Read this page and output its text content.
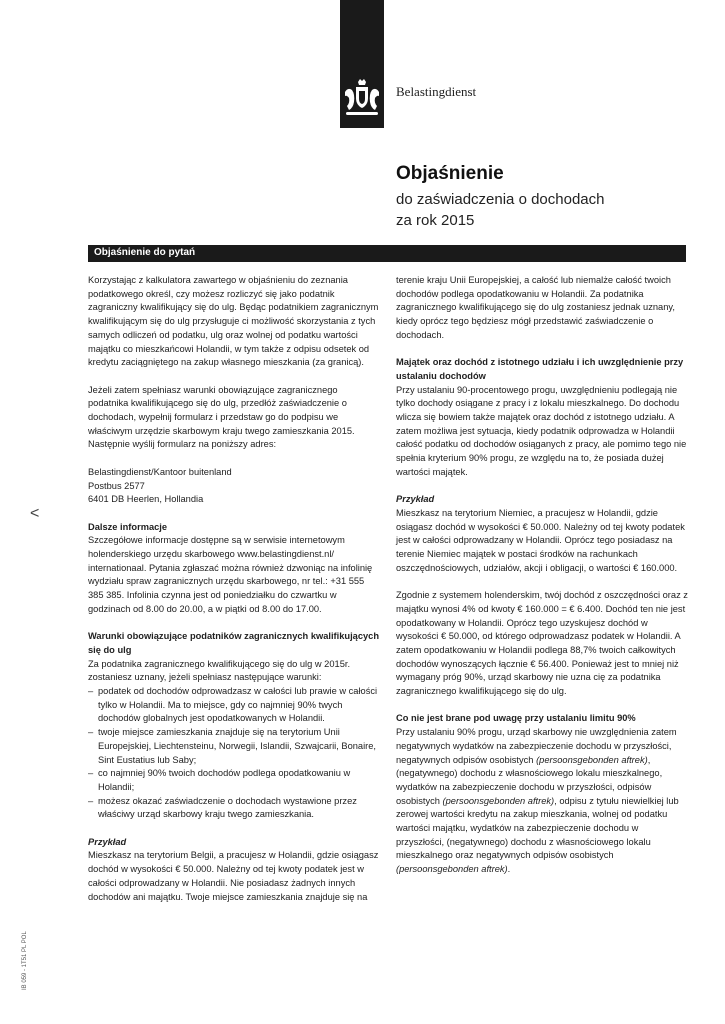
Belastingdienst
Objaśnienie
do zaświadczenia o dochodach
za rok 2015
Objaśnienie do pytań

Korzystając z kalkulatora zawartego w objaśnieniu do zeznania podatkowego określ, czy możesz rozliczyć się jako podatnik zagraniczny kwalifikujący się do ulg. Będąc podatnikiem zagranicznym kwalifikującym się do ulg przysługuje ci możliwość skorzystania z tych samych odliczeń od podatku, ulg oraz wolnej od podatku wartości majątku co mieszkańcowi Holandii, w tym także z odpisu odsetek od kredytu zaciągniętego na zakup własnego mieszkania (za granicą).

Jeżeli zatem spełniasz warunki obowiązujące zagranicznego podatnika kwalifikującego się do ulg, przedłóż zaświadczenie o dochodach, wypełnij formularz i przedstaw go do podpisu we właściwym urzędzie skarbowym kraju twego zamieszkania 2015. Następnie wyślij formularz na poniższy adres:

Belastingdienst/Kantoor buitenland
Postbus 2577
6401 DB Heerlen, Hollandia

Dalsze informacje

Szczegółowe informacje dostępne są w serwisie internetowym holenderskiego urzędu skarbowego www.belastingdienst.nl/ internationaal. Pytania zgłaszać można również dzwoniąc na infolinię wydziału spraw zagranicznych urzędu skarbowego, nr tel.: +31 555 385 385. Infolinia czynna jest od poniedziałku do czwartku w godzinach od 8.00 do 20.00, a w piątki od 8.00 do 17.00.

Warunki obowiązujące podatników zagranicznych kwalifikujących się do ulg

Za podatnika zagranicznego kwalifikującego się do ulg w 2015r. zostaniesz uznany, jeżeli spełniasz następujące warunki:

– podatek od dochodów odprowadzasz w całości lub prawie w całości tylko w Holandii. Ma to miejsce, gdy co najmniej 90% twych dochodów globalnych jest opodatkowanych w Holandii.
– twoje miejsce zamieszkania znajduje się na terytorium Unii Europejskiej, Liechtensteinu, Norwegii, Islandii, Szwajcarii, Bonaire, Sint Eustatius lub Saby;
– co najmniej 90% twoich dochodów podlega opodatkowaniu w Holandii;
– możesz okazać zaświadczenie o dochodach wystawione przez właściwy urząd skarbowy kraju twego zamieszkania.
Przykład

Mieszkasz na terytorium Belgii, a pracujesz w Holandii, gdzie osiągasz dochód w wysokości € 50.000. Należny od tej kwoty podatek jest w całości odprowadzany w Holandii. Nie posiadasz żadnych innych dochodów ani majątku. Twoje miejsce zamieszkania znajduje się na

terenie kraju Unii Europejskiej, a całość lub niemalże całość twoich dochodów podlega opodatkowaniu w Holandii. Za podatnika zagranicznego kwalifikującego się do ulg zostaniesz jednak uznany, kiedy oprócz tego będziesz mógł przedstawić zaświadczenie o dochodach.

Majątek oraz dochód z istotnego udziału i ich uwzględnienie przy ustalaniu dochodów

Przy ustalaniu 90-procentowego progu, uwzględnieniu podlegają nie tylko dochody osiągane z pracy i z lokalu mieszkalnego. Do dochodu wlicza się bowiem także majątek oraz dochód z istotnego udziału. A zatem możliwa jest sytuacja, kiedy podatnik odprowadza w Holandii całość podatku od dochodów osiąganych z pracy, ale pomimo tego nie spełnia kryterium 90% progu, ze względu na to, że posiada dużej wartości majątek.

Przykład

Mieszkasz na terytorium Niemiec, a pracujesz w Holandii, gdzie osiągasz dochód w wysokości € 50.000. Należny od tej kwoty podatek jest w całości odprowadzany w Holandii. Oprócz tego posiadasz na terenie Niemiec majątek w postaci środków na rachunkach oszczędnościowych, udziałów, akcji i obligacji, o wartości € 160.000.

Zgodnie z systemem holenderskim, twój dochód z oszczędności oraz z majątku wynosi 4% od kwoty € 160.000 = € 6.400. Dochód ten nie jest opodatkowany w Holandii. Oprócz tego uzyskujesz dochód w wysokości € 50.000, od którego odprowadzasz podatek w Holandii. A zatem opodatkowaniu w Holandii podlega 88,7% twoich całkowitych dochodów wynoszących łącznie € 56.400. Ponieważ jest to mniej niż wymagany próg 90%, urząd skarbowy nie uzna cię za podatnika zagranicznego kwalifikującego się do ulg.

Co nie jest brane pod uwagę przy ustalaniu limitu 90%

Przy ustalaniu 90% progu, urząd skarbowy nie uwzględnienia zatem negatywnych wydatków na zabezpieczenie dochodu w przyszłości, negatywnych odpisów osobistych (persoonsgebonden aftrek), (negatywnego) dochodu z własnościowego lokalu mieszkalnego, wydatków na zabezpieczenie dochodu w przyszłości, odpisów osobistych (persoonsgebonden aftrek), odpisu z tytułu niewielkiej lub zerowej wartości kredytu na zakup mieszkania, wolnej od podatku wartości majątku, wydatków na zabezpieczenie dochodu w przyszłości, (negatywnego) dochodu z własnościowego lokalu mieszkalnego oraz negatywnych odpisów osobistych (persoonsgebonden aftrek).

<
IB 059 - 1T51 PL POL
